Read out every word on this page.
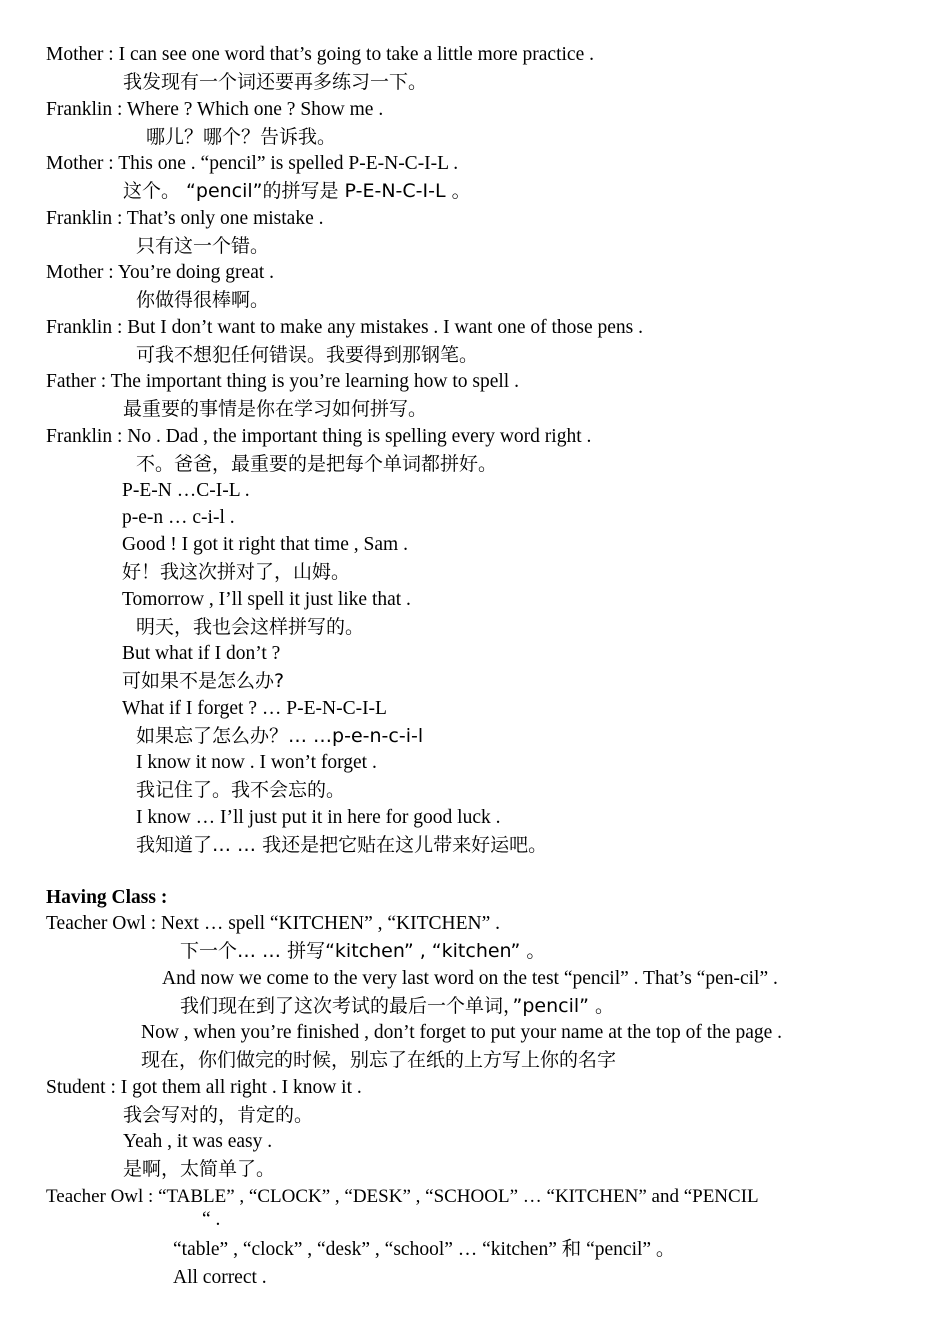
Mother : I can see one word that’s going to take a little more practice .
我发现有一个词还要再多练习一下。
Franklin : Where ? Which one ? Show me .
哪儿？哪个？告诉我。
Mother : This one . “pencil” is spelled P-E-N-C-I-L .
这个。 “pencil”的拼写是 P-E-N-C-I-L 。
Franklin : That’s only one mistake .
只有这一个错。
Mother : You’re doing great .
你做得很棒啊。
Franklin : But I don’t want to make any mistakes . I want one of those pens .
可我不想犯任何错误。我要得到那钢笔。
Father : The important thing is you’re learning how to spell .
最重要的事情是你在学习如何拼写。
Franklin : No . Dad , the important thing is spelling every word right .
不。爸爸，最重要的是把每个单词都拼好。
P-E-N …C-I-L .
p-e-n … c-i-l .
Good ! I got it right that time , Sam .
好！我这次拼对了，山姆。
Tomorrow , I’ll spell it just like that .
明天，我也会这样拼写的。
But what if I don’t ?
可如果不是怎么办?
What if I forget ? … P-E-N-C-I-L
如果忘了怎么办？… …p-e-n-c-i-l
I know it now . I won’t forget .
我记住了。我不会忘的。
I know … I’ll just put it in here for good luck .
我知道了… … 我还是把它贴在这儿带来好运吧。
Having Class :
Teacher Owl : Next … spell “KITCHEN” , “KITCHEN” .
下一个… … 拼写“kitchen” , “kitchen” 。
And now we come to the very last word on the test “pencil” . That’s “pen-cil” .
我们现在到了这次考试的最后一个单词，”pencil” 。
Now , when you’re finished , don’t forget to put your name at the top of the page .
现在，你们做完的时候，别忘了在纸的上方写上你的名字
Student : I got them all right . I know it .
我会写对的，肯定的。
Yeah , it was easy .
是啊，太简单了。
Teacher Owl : “TABLE” , “CLOCK” , “DESK” , “SCHOOL” … “KITCHEN” and “PENCIL
“ .
“table” , “clock” , “desk” , “school” … “kitchen” 和 “pencil” 。
All correct .
